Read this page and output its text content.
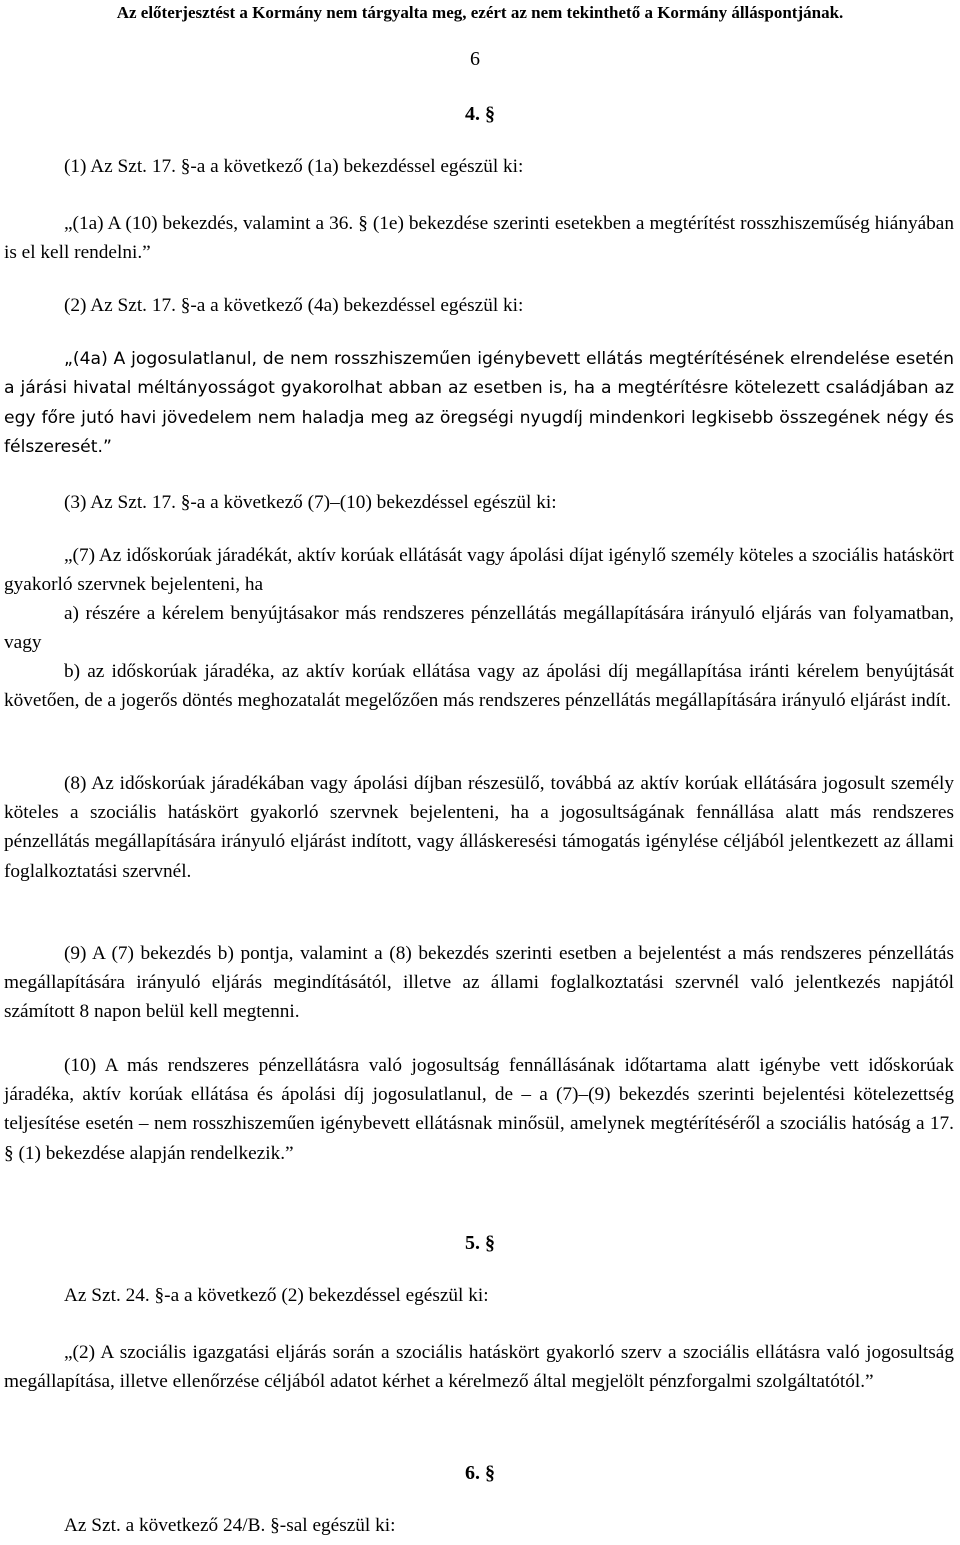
Az előterjesztést a Kormány nem tárgyalta meg, ezért az nem tekinthető a Kormány álláspontjának.
6
4. §
(1) Az Szt. 17. §-a a következő (1a) bekezdéssel egészül ki:

„(1a) A (10) bekezdés, valamint a 36. § (1e) bekezdése szerinti esetekben a megtérítést rosszhiszeműség hiányában is el kell rendelni.”

(2) Az Szt. 17. §-a a következő (4a) bekezdéssel egészül ki:

„(4a) A jogosulatlanul, de nem rosszhiszeműen igénybevett ellátás megtérítésének elrendelése esetén a járási hivatal méltányosságot gyakorolhat abban az esetben is, ha a megtérítésre kötelezett családjában az egy főre jutó havi jövedelem nem haladja meg az öregségi nyugdíj mindenkori legkisebb összegének négy és félszeresét.”

(3) Az Szt. 17. §-a a következő (7)–(10) bekezdéssel egészül ki:

„(7) Az időskorúak járadékát, aktív korúak ellátását vagy ápolási díjat igénylő személy köteles a szociális hatáskört gyakorló szervnek bejelenteni, ha

a) részére a kérelem benyújtásakor más rendszeres pénzellátás megállapítására irányuló eljárás van folyamatban, vagy

b) az időskorúak járadéka, az aktív korúak ellátása vagy az ápolási díj megállapítása iránti kérelem benyújtását követően, de a jogerős döntés meghozatalát megelőzően más rendszeres pénzellátás megállapítására irányuló eljárást indít.

(8) Az időskorúak járadékában vagy ápolási díjban részesülő, továbbá az aktív korúak ellátására jogosult személy köteles a szociális hatáskört gyakorló szervnek bejelenteni, ha a jogosultságának fennállása alatt más rendszeres pénzellátás megállapítására irányuló eljárást indított, vagy álláskeresési támogatás igénylése céljából jelentkezett az állami foglalkoztatási szervnél.

(9) A (7) bekezdés b) pontja, valamint a (8) bekezdés szerinti esetben a bejelentést a más rendszeres pénzellátás megállapítására irányuló eljárás megindításától, illetve az állami foglalkoztatási szervnél való jelentkezés napjától számított 8 napon belül kell megtenni.

(10) A más rendszeres pénzellátásra való jogosultság fennállásának időtartama alatt igénybe vett időskorúak járadéka, aktív korúak ellátása és ápolási díj jogosulatlanul, de – a (7)–(9) bekezdés szerinti bejelentési kötelezettség teljesítése esetén – nem rosszhiszeműen igénybevett ellátásnak minősül, amelynek megtérítéséről a szociális hatóság a 17. § (1) bekezdése alapján rendelkezik.”

5. §
Az Szt. 24. §-a a következő (2) bekezdéssel egészül ki:

„(2) A szociális igazgatási eljárás során a szociális hatáskört gyakorló szerv a szociális ellátásra való jogosultság megállapítása, illetve ellenőrzése céljából adatot kérhet a kérelmező által megjelölt pénzforgalmi szolgáltatótól.”

6. §
Az Szt. a következő 24/B. §-sal egészül ki:
